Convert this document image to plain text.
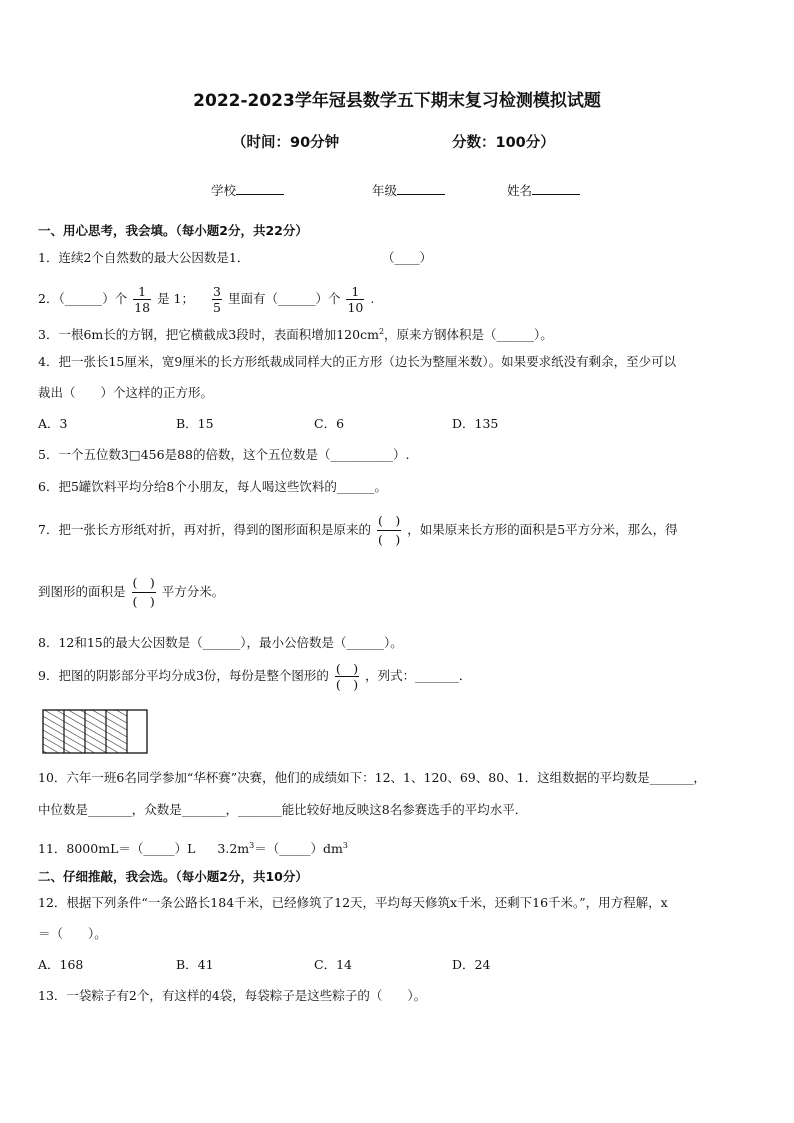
2022-2023学年冠县数学五下期末复习检测模拟试题
（时间：90分钟	分数：100分）
学校	年级	姓名
一、用心思考，我会填。（每小题2分，共22分）
1．连续2个自然数的最大公因数是1．	（____）
2．（______）个 $\frac{1}{18}$ 是 1； $\frac{3}{5}$ 里面有（______）个 $\frac{1}{10}$ .
3．一根6m长的方钢，把它横截成3段时，表面积增加$120cm^2$，原来方钢体积是（______）。
4．把一张长15厘米，宽9厘米的长方形纸裁成同样大的正方形（边长为整厘米数）。如果要求纸没有剩余，至少可以
裁出（　　）个这样的正方形。
A．3	B．15	C．6	D．135
5．一个五位数3□456是88的倍数，这个五位数是（__________）.
6．把5罐饮料平均分给8个小朋友，每人喝这些饮料的______。
7．把一张长方形纸对折，再对折，得到的图形面积是原来的 $\frac{( )}{( )}$ ，如果原来长方形的面积是5平方分米，那么，得
到图形的面积是 $\frac{( )}{( )}$ 平方分米。
8．12和15的最大公因数是（______），最小公倍数是（______）。
9．把图的阴影部分平均分成3份，每份是整个图形的 $\frac{( )}{( )}$ ，列式：_______．
10．六年一班6名同学参加“华杯赛”决赛，他们的成绩如下：12、1、120、69、80、1．这组数据的平均数是_______，
中位数是_______，众数是_______，_______能比较好地反映这8名参赛选手的平均水平．
11．8000mL＝（_____）L $3.2m^3=(\_\_\_\_\_)dm^3$
二、仔细推敲，我会选。（每小题2分，共10分）
12．根据下列条件“一条公路长184千米，已经修筑了12天，平均每天修筑x千米，还剩下16千米。”，用方程解，x
＝（　　）。
A．168	B．41	C．14	D．24
13．一袋粽子有2个，有这样的4袋，每袋粽子是这些粽子的（　　）。
